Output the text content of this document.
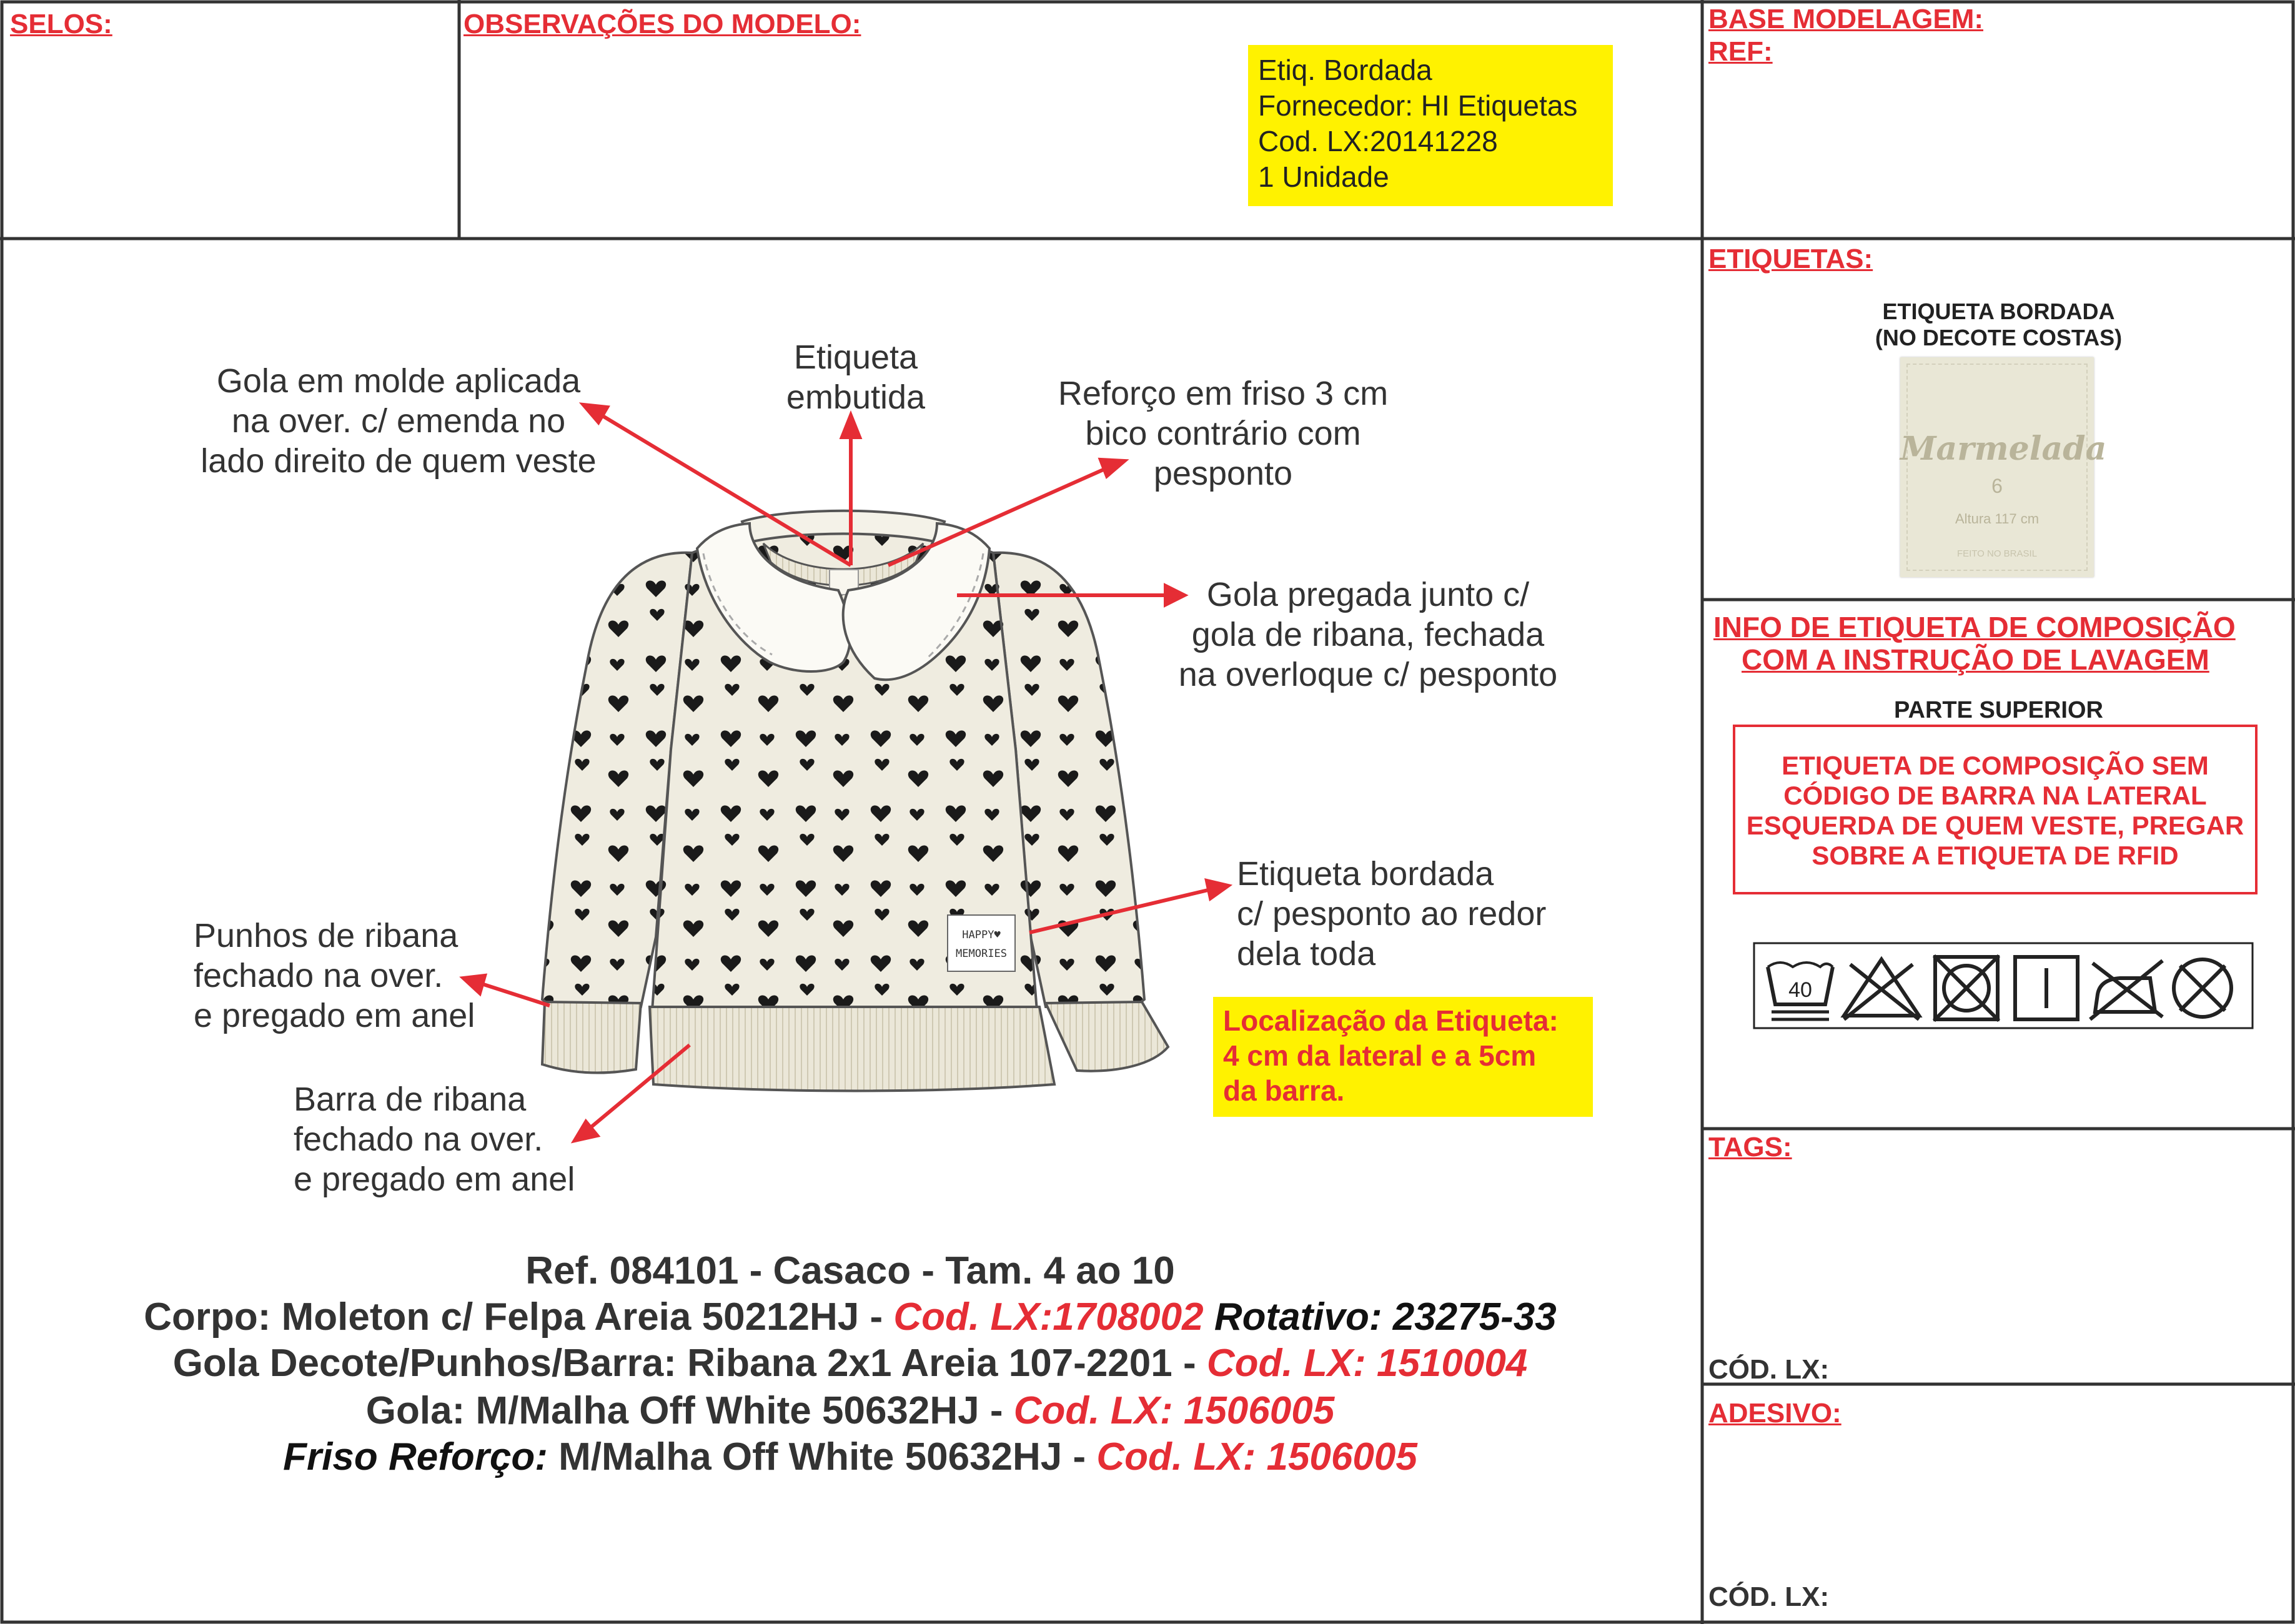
SELOS:	OBSERVAÇÕES DO MODELO:
Etiq. Bordada
Fornecedor: HI Etiquetas
Cod. LX:20141228
1 Unidade
BASE MODELAGEM:
REF:
ETIQUETAS:
ETIQUETA BORDADA
(NO DECOTE COSTAS)
Marmelada
6
Altura 117 cm
FEITO NO BRASIL
INFO DE ETIQUETA DE COMPOSIÇÃO
COM A INSTRUÇÃO DE LAVAGEM
PARTE SUPERIOR
ETIQUETA DE COMPOSIÇÃO SEM
CÓDIGO DE BARRA NA LATERAL
ESQUERDA DE QUEM VESTE, PREGAR
SOBRE A ETIQUETA DE RFID
40
TAGS:
CÓD. LX:
ADESIVO:
CÓD. LX:
HAPPY♥
MEMORIES
Gola em molde aplicada
na over. c/ emenda no
lado direito de quem veste
Etiqueta
embutida	Reforço em friso 3 cm
bico contrário com
pesponto
Gola pregada junto c/
gola de ribana, fechada
na overloque c/ pesponto
Etiqueta bordada
c/ pesponto ao redor
dela toda
Punhos de ribana
fechado na over.
e pregado em anel
Barra de ribana
fechado na over.
e pregado em anel
Localização da Etiqueta:
4 cm da lateral e a 5cm
da barra.
Ref. 084101 - Casaco - Tam. 4 ao 10
Corpo: Moleton c/ Felpa Areia 50212HJ - Cod. LX:1708002 Rotativo: 23275-33
Gola Decote/Punhos/Barra: Ribana 2x1 Areia 107-2201 - Cod. LX: 1510004
Gola: M/Malha Off White 50632HJ - Cod. LX: 1506005
Friso Reforço: M/Malha Off White 50632HJ - Cod. LX: 1506005
